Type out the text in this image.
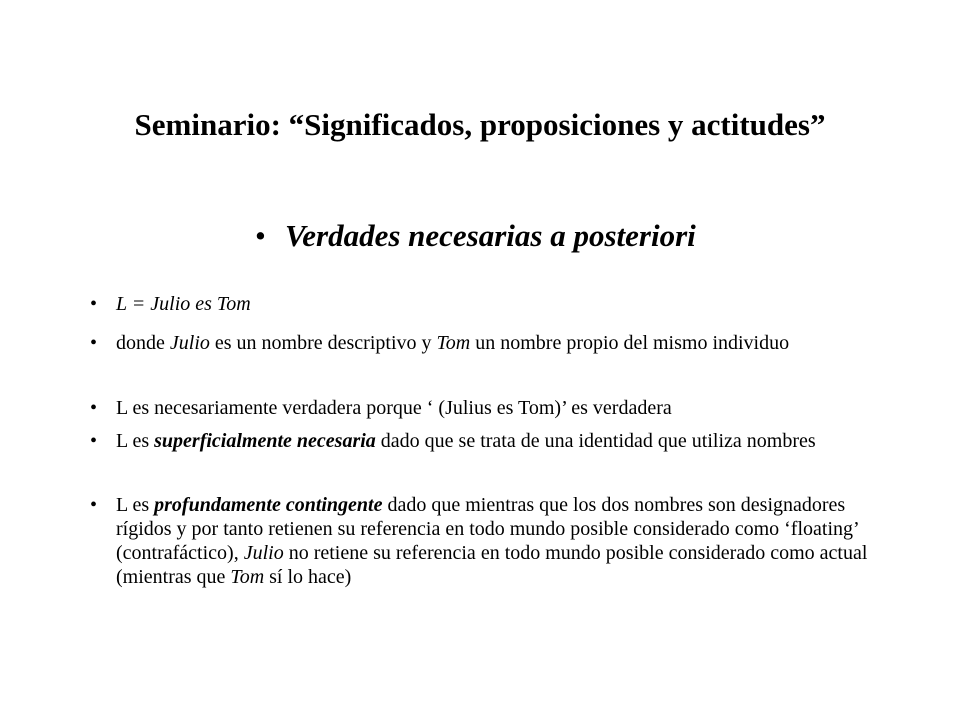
Seminario: “Significados, proposiciones y actitudes”
• Verdades necesarias a posteriori
• L = Julio es Tom
• donde Julio es un nombre descriptivo y Tom un nombre propio del mismo individuo
• L es necesariamente verdadera porque ‘ (Julius es Tom)’ es verdadera
• L es superficialmente necesaria dado que se trata de una identidad que utiliza nombres
• L es profundamente contingente dado que mientras que los dos nombres son designadores rígidos y por tanto retienen su referencia en todo mundo posible considerado como ‘floating’ (contrafáctico), Julio no retiene su referencia en todo mundo posible considerado como actual (mientras que Tom sí lo hace)
